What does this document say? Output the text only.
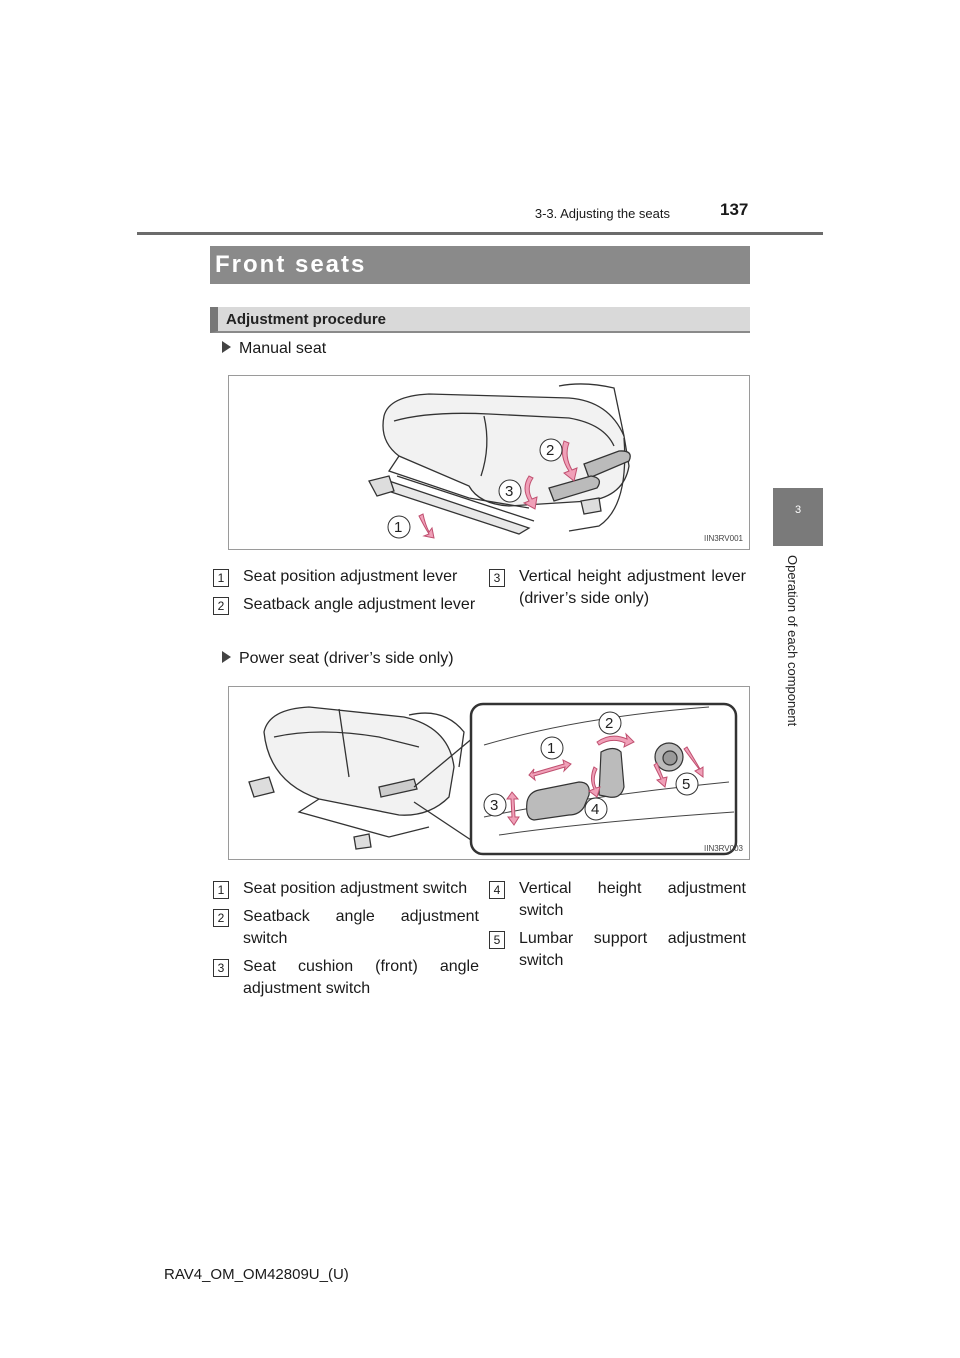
3-3. Adjusting the seats	137
3
Operation of each component
Front seats
Adjustment procedure
Manual seat
2
3
1
IIN3RV001
1 Seat position adjustment lever
2 Seatback angle adjustment lever
3 Vertical height adjustment lever (driver’s side only)
Power seat (driver’s side only)
1
2
3	4
5
IIN3RV003
1 Seat position adjustment switch
2 Seatback angle adjustment switch
3 Seat cushion (front) angle adjustment switch
4 Vertical height adjustment switch
5 Lumbar support adjustment switch
RAV4_OM_OM42809U_(U)
